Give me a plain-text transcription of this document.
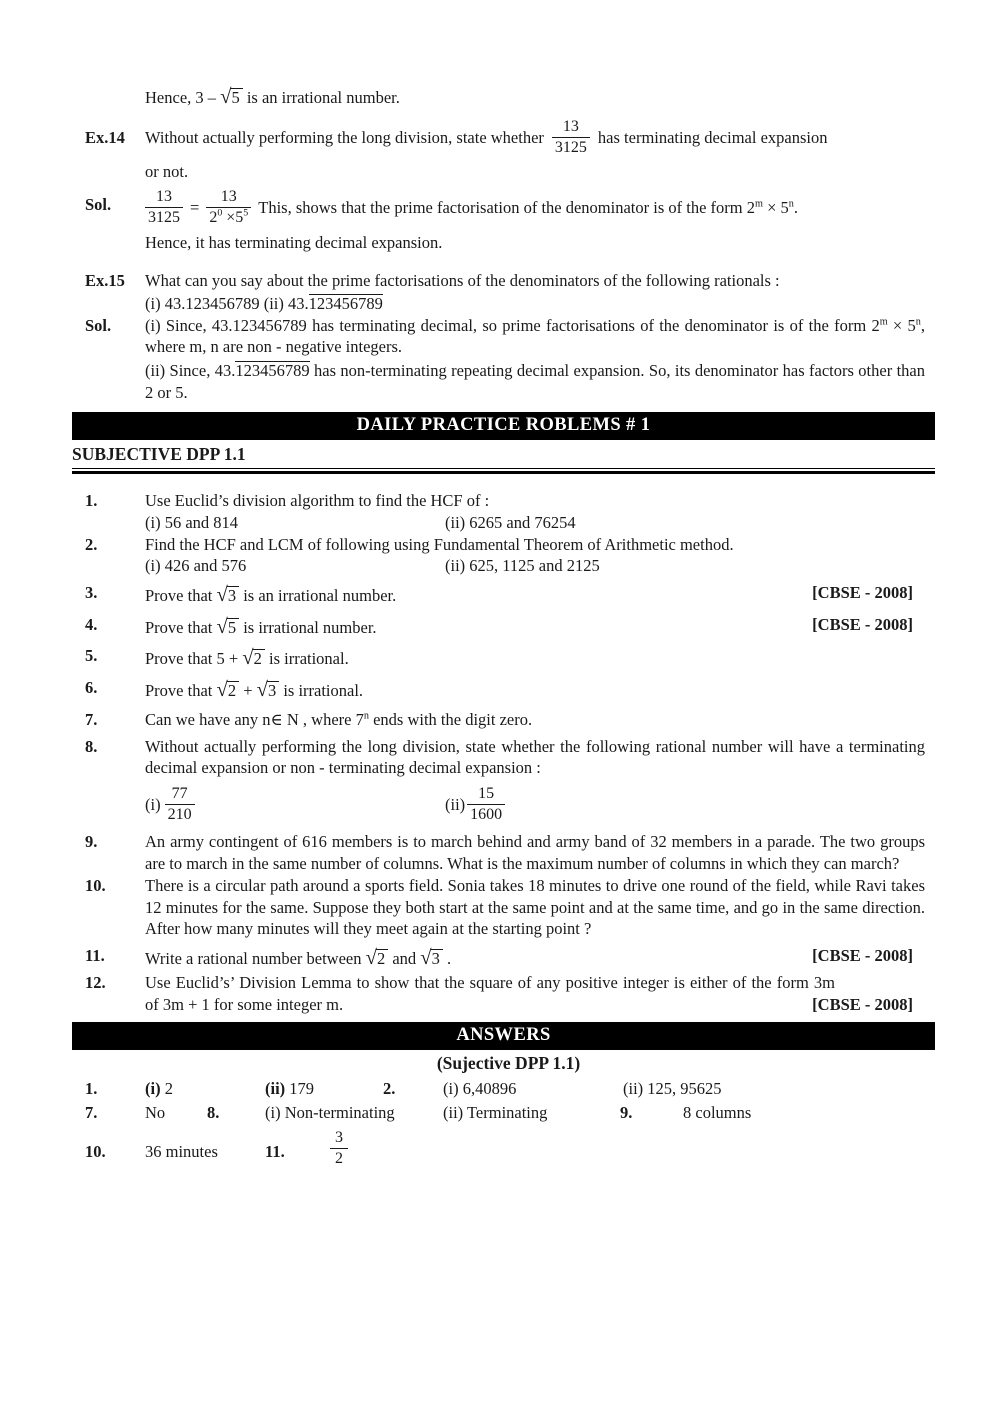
Hence, 3 – √5 is an irrational number.

Ex.14	Without actually performing the long division, state whether $\frac{13}{3125}$ has terminating decimal expansion

or not.

Sol.	$\frac{13}{3125} = \frac{13}{2^0 \times 5^5}$ This, shows that the prime factorisation of the denominator is of the form $2^m \times 5^n$.

Hence, it has terminating decimal expansion.

Ex.15	What can you say about the prime factorisations of the denominators of the following rationals :

(i) 43.123456789 (ii) 43.123456789

Sol.	(i) Since, 43.123456789 has terminating decimal, so prime factorisations of the denominator is of the form $2^m \times 5^n$, where m, n are non - negative integers.

(ii) Since, 43.123456789 has non-terminating repeating decimal expansion. So, its denominator has factors other than 2 or 5.

DAILY PRACTICE ROBLEMS # 1
SUBJECTIVE DPP 1.1
1.	Use Euclid’s division algorithm to find the HCF of :

(i) 56 and 814	(ii) 6265 and 76254
2.	Find the HCF and LCM of following using Fundamental Theorem of Arithmetic method.

(i) 426 and 576	(ii) 625, 1125 and 2125
3.	Prove that √3 is an irrational number.	[CBSE - 2008]

4.	Prove that √5 is irrational number.	[CBSE - 2008]

5.	Prove that 5 + √2 is irrational.

6.	Prove that √2 + √3 is irrational.

7.	Can we have any n∈ N , where 7$^n$ ends with the digit zero.

8.	Without actually performing the long division, state whether the following rational number will have a terminating decimal expansion or non - terminating decimal expansion :

$(i) \frac{77}{210}$	$(ii) \frac{15}{1600}$
9.	An army contingent of 616 members is to march behind and army band of 32 members in a parade. The two groups are to march in the same number of columns. What is the maximum number of columns in which they can march?

10.	There is a circular path around a sports field. Sonia takes 18 minutes to drive one round of the field, while Ravi takes 12 minutes for the same. Suppose they both start at the same point and at the same time, and go in the same direction. After how many minutes will they meet again at the starting point ?

11.	Write a rational number between √2 and √3 .	[CBSE - 2008]

12.	Use Euclid’s’ Division Lemma to show that the square of any positive integer is either of the form 3m of 3m + 1 for some integer m.	[CBSE - 2008]
ANSWERS
(Sujective DPP 1.1)
1.	(i) 2	(ii) 179	2.	(i) 6,40896	(ii) 125, 95625
7.	No	8.	(i) Non-terminating	(ii) Terminating	9.	8 columns
10. 36 minutes	11.	$\frac{3}{2}$
